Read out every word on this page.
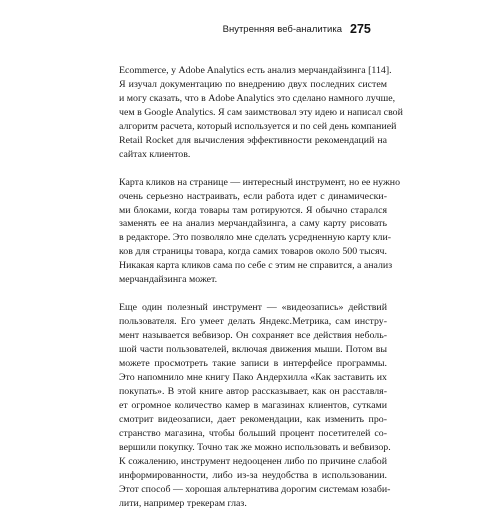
Внутренняя веб-аналитика 275

Ecommerce, у Adobe Analytics есть анализ мерчандайзинга [114].
Я изучал документацию по внедрению двух последних систем
и могу сказать, что в Adobe Analytics это сделано намного лучше,
чем в Google Analytics. Я сам заимствовал эту идею и написал свой
алгоритм расчета, который используется и по сей день компанией
Retail Rocket для вычисления эффективности рекомендаций на
сайтах клиентов.

Карта кликов на странице — интересный инструмент, но ее нужно
очень серьезно настраивать, если работа идет с динамически-
ми блоками, когда товары там ротируются. Я обычно старался
заменять ее на анализ мерчандайзинга, а саму карту рисовать
в редакторе. Это позволяло мне сделать усредненную карту кли-
ков для страницы товара, когда самих товаров около 500 тысяч.
Никакая карта кликов сама по себе с этим не справится, а анализ
мерчандайзинга может.

Еще один полезный инструмент — «видеозапись» действий
пользователя. Его умеет делать Яндекс.Метрика, сам инстру-
мент называется вебвизор. Он сохраняет все действия неболь-
шой части пользователей, включая движения мыши. Потом вы
можете просмотреть такие записи в интерфейсе программы.
Это напомнило мне книгу Пако Андерхилла «Как заставить их
покупать». В этой книге автор рассказывает, как он расставля-
ет огромное количество камер в магазинах клиентов, сутками
смотрит видеозаписи, дает рекомендации, как изменить про-
странство магазина, чтобы больший процент посетителей со-
вершили покупку. Точно так же можно использовать и вебвизор.
К сожалению, инструмент недооценен либо по причине слабой
информированности, либо из-за неудобства в использовании.
Этот способ — хорошая альтернатива дорогим системам юзаби-
лити, например трекерам глаз.
